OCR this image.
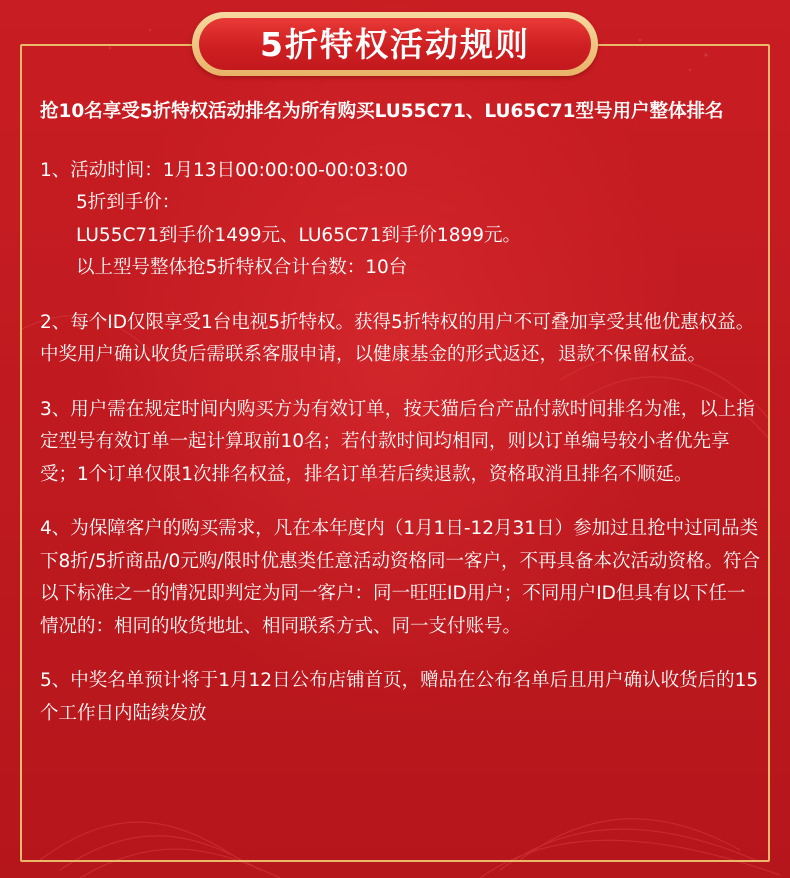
5折特权活动规则
抢10名享受5折特权活动排名为所有购买LU55C71、LU65C71型号用户整体排名
1、活动时间：1月13日00:00:00-00:03:00
5折到手价：
LU55C71到手价1499元、LU65C71到手价1899元。
以上型号整体抢5折特权合计台数：10台
2、每个ID仅限享受1台电视5折特权。获得5折特权的用户不可叠加享受其他优惠权益。中奖用户确认收货后需联系客服申请，以健康基金的形式返还，退款不保留权益。
3、用户需在规定时间内购买方为有效订单，按天猫后台产品付款时间排名为准，以上指定型号有效订单一起计算取前10名；若付款时间均相同，则以订单编号较小者优先享受；1个订单仅限1次排名权益，排名订单若后续退款，资格取消且排名不顺延。
4、为保障客户的购买需求，凡在本年度内（1月1日-12月31日）参加过且抢中过同品类下8折/5折商品/0元购/限时优惠类任意活动资格同一客户，不再具备本次活动资格。符合以下标准之一的情况即判定为同一客户：同一旺旺ID用户；不同用户ID但具有以下任一情况的：相同的收货地址、相同联系方式、同一支付账号。
5、中奖名单预计将于1月12日公布店铺首页，赠品在公布名单后且用户确认收货后的15个工作日内陆续发放
